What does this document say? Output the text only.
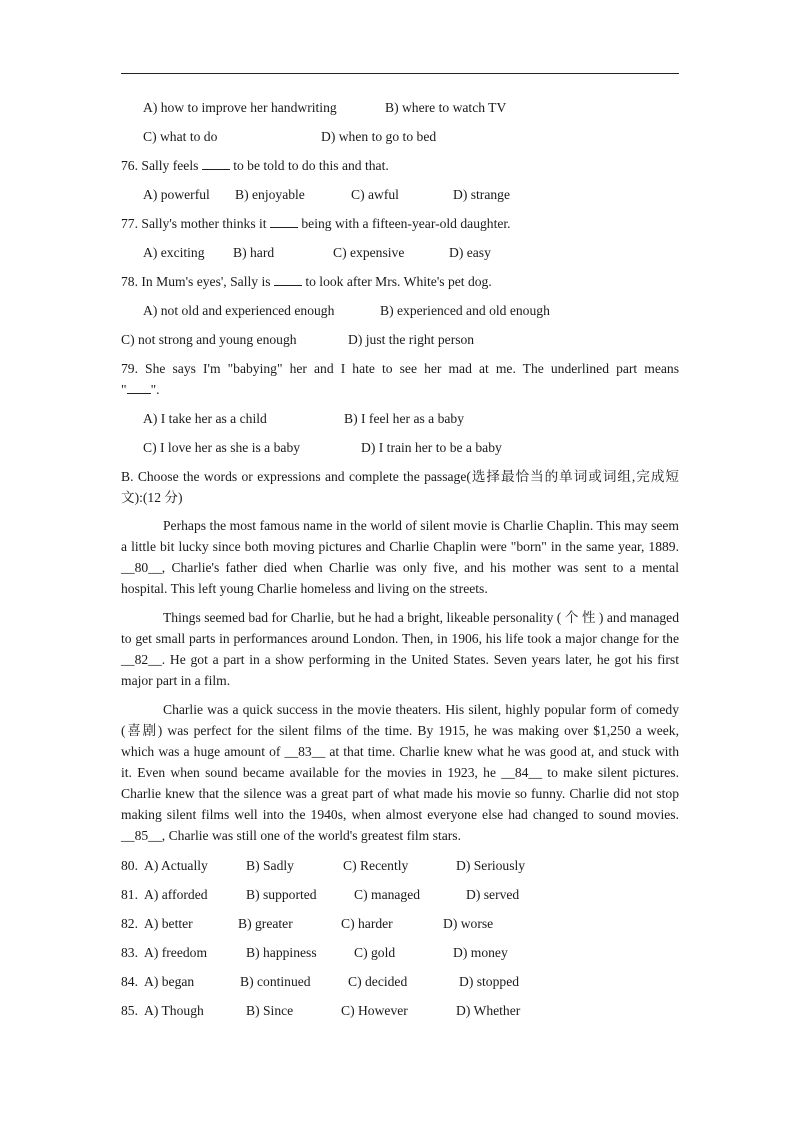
A) how to improve her handwriting	B) where to watch TV
C) what to do	D) when to go to bed
76. Sally feels  to be told to do this and that.
A) powerful B) enjoyable	C) awful	D) strange
77. Sally's mother thinks it  being with a fifteen-year-old daughter.
A) exciting B) hard	C) expensive	D) easy
78. In Mum's eyes', Sally is  to look after Mrs. White's pet dog.
A) not old and experienced enough	B) experienced and old enough
C) not strong and young enough	D) just the right person
79. She says I'm "babying" her and I hate to see her mad at me. The underlined part means
" ".
A) I take her as a child	B) I feel her as a baby
C) I love her as she is a baby	D) I train her to be a baby
B. Choose the words or expressions and complete the passage(选择最恰当的单词或词组,完成短
文):(12 分)

Perhaps the most famous name in the world of silent movie is Charlie Chaplin. This may seem a little bit lucky since both moving pictures and Charlie Chaplin were "born" in the same year, 1889. __80__, Charlie's father died when Charlie was only five, and his mother was sent to a mental hospital. This left young Charlie homeless and living on the streets.

Things seemed bad for Charlie, but he had a bright, likeable personality ( 个 性 ) and managed to get small parts in performances around London. Then, in 1906, his life took a major change for the __82__. He got a part in a show performing in the United States. Seven years later, he got his first major part in a film.

Charlie was a quick success in the movie theaters. His silent, highly popular form of comedy (喜剧) was perfect for the silent films of the time. By 1915, he was making over $1,250 a week, which was a huge amount of __83__ at that time. Charlie knew what he was good at, and stuck with it. Even when sound became available for the movies in 1923, he __84__ to make silent pictures. Charlie knew that the silence was a great part of what made his movie so funny. Charlie did not stop making silent films well into the 1940s, when almost everyone else had changed to sound movies. __85__, Charlie was still one of the world's greatest film stars.

80. A) Actually	B) Sadly	C) Recently	D) Seriously
81. A) afforded	B) supported	C) managed	D) served
82. A) better	B) greater	C) harder	D) worse
83. A) freedom	B) happiness	C) gold	D) money
84. A) began	B) continued	C) decided	D) stopped
85. A) Though	B) Since	C) However	D) Whether
